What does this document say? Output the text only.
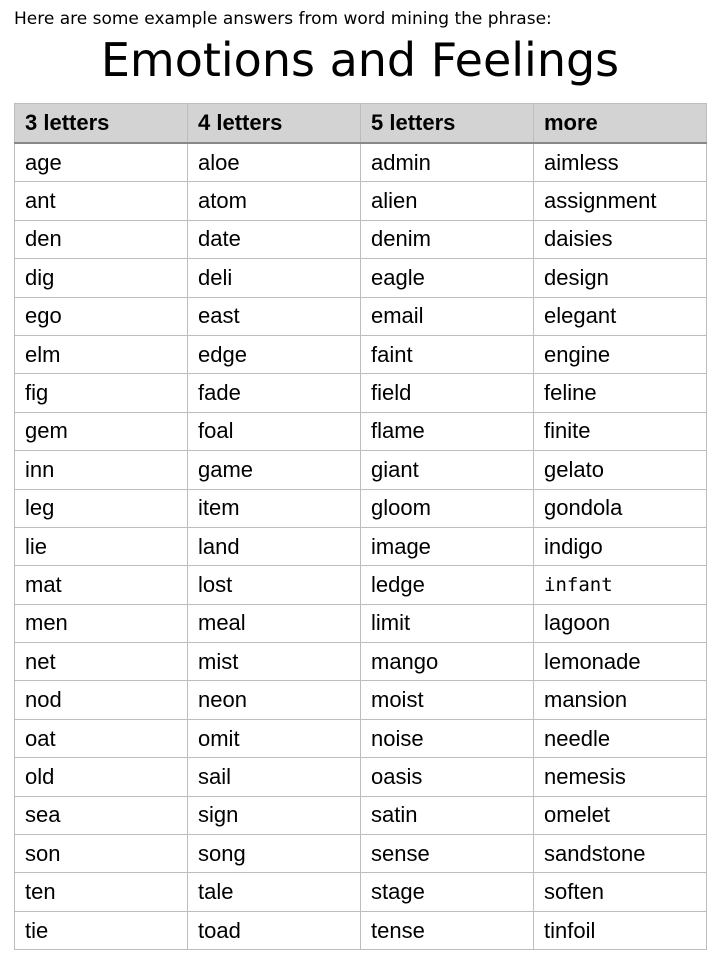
Here are some example answers from word mining the phrase:
Emotions and Feelings
3 letters	4 letters	5 letters	more
age	aloe	admin	aimless
ant	atom	alien	assignment
den	date	denim	daisies
dig	deli	eagle	design
ego	east	email	elegant
elm	edge	faint	engine
fig	fade	field	feline
gem	foal	flame	finite
inn	game	giant	gelato
leg	item	gloom	gondola
lie	land	image	indigo
mat	lost	ledge	infant
men	meal	limit	lagoon
net	mist	mango	lemonade
nod	neon	moist	mansion
oat	omit	noise	needle
old	sail	oasis	nemesis
sea	sign	satin	omelet
son	song	sense	sandstone
ten	tale	stage	soften
tie	toad	tense	tinfoil
